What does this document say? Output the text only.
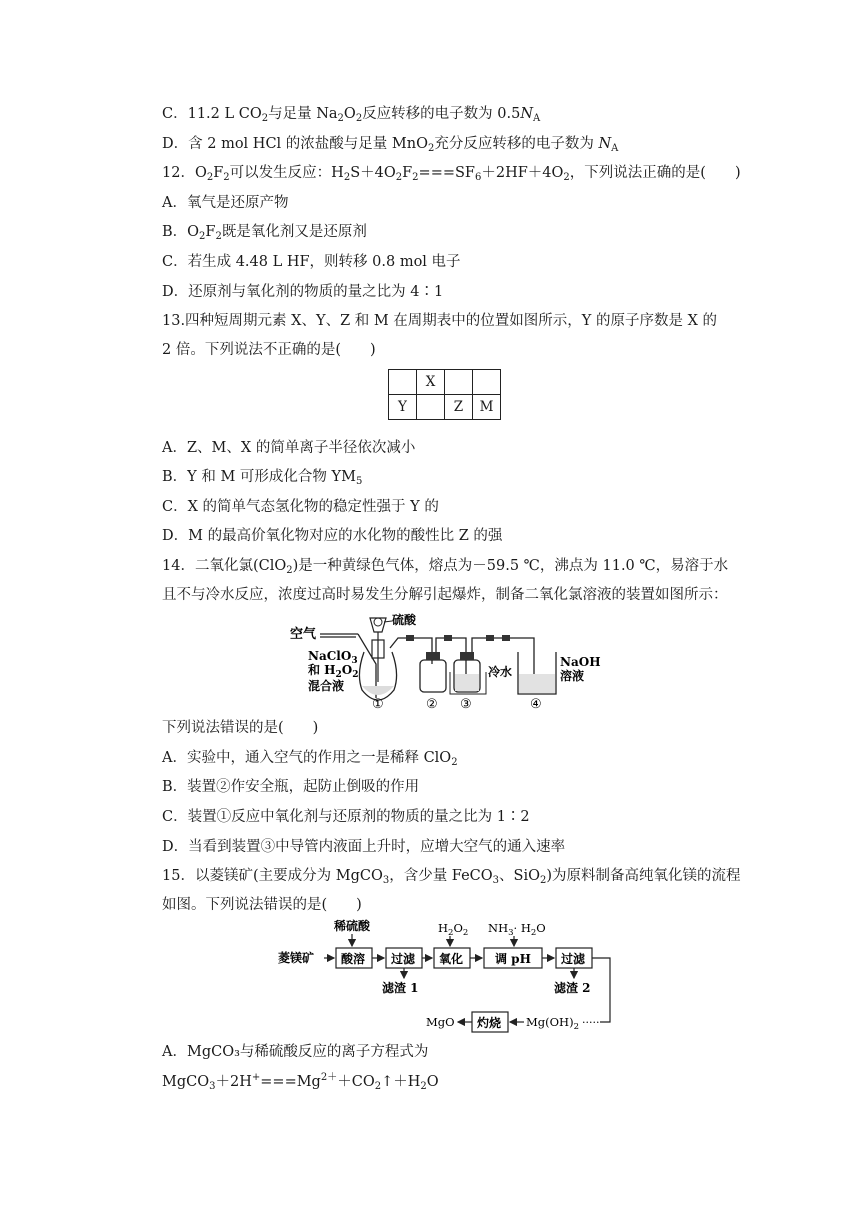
C．11.2 L $CO_2$与足量 $Na_2O_2$反应转移的电子数为 $0.5N_A$
D．含 2 mol HCl 的浓盐酸与足量 MnO$_2$充分反应转移的电子数为 $N_A$
12．$O_2F_2$可以发生反应：$H_2S+4O_2F_2===SF_6+2HF+4O_2$，下列说法正确的是(　　)
A．氧气是还原产物
B．$O_2F_2$既是氧化剂又是还原剂
C．若生成 4.48 L HF，则转移 0.8 mol 电子
D．还原剂与氧化剂的物质的量之比为 4∶1
13.四种短周期元素 X、Y、Z 和 M 在周期表中的位置如图所示，Y 的原子序数是 X 的
2 倍。下列说法不正确的是(　　)
	X		
Y		Z	M
A．Z、M、X 的简单离子半径依次减小
B．Y 和 M 可形成化合物 $YM_5$
C．X 的简单气态氢化物的稳定性强于 Y 的
D．M 的最高价氧化物对应的水化物的酸性比 Z 的强
14．二氧化氯(ClO$_2$)是一种黄绿色气体，熔点为－59.5 ℃，沸点为 11.0 ℃，易溶于水
且不与冷水反应，浓度过高时易发生分解引起爆炸，制备二氧化氯溶液的装置如图所示：
空气
硫酸
冷水
NaOH
溶液
NaClO$_3$
和 $H_2O_2$
混合液
①	② ③	④
下列说法错误的是(　　)
A．实验中，通入空气的作用之一是稀释 ClO$_2$
B．装置②作安全瓶，起防止倒吸的作用
C．装置①反应中氧化剂与还原剂的物质的量之比为 1∶2
D．当看到装置③中导管内液面上升时，应增大空气的通入速率
15．以菱镁矿(主要成分为 MgCO$_3$，含少量 FeCO$_3$、SiO$_2$)为原料制备高纯氧化镁的流程
如图。下列说法错误的是(　　)
菱镁矿
稀硫酸	$H_2O_2$ $NH_3\cdot H_2O$
酸溶 过滤
滤渣 1
氧化	调 pH	过滤
滤渣 2
·····
$Mg(OH)_2$
灼烧
MgO
A．MgCO₃与稀硫酸反应的离子方程式为
$MgCO_3+2H^+===Mg^{2+}+CO_2↑+H_2O$
